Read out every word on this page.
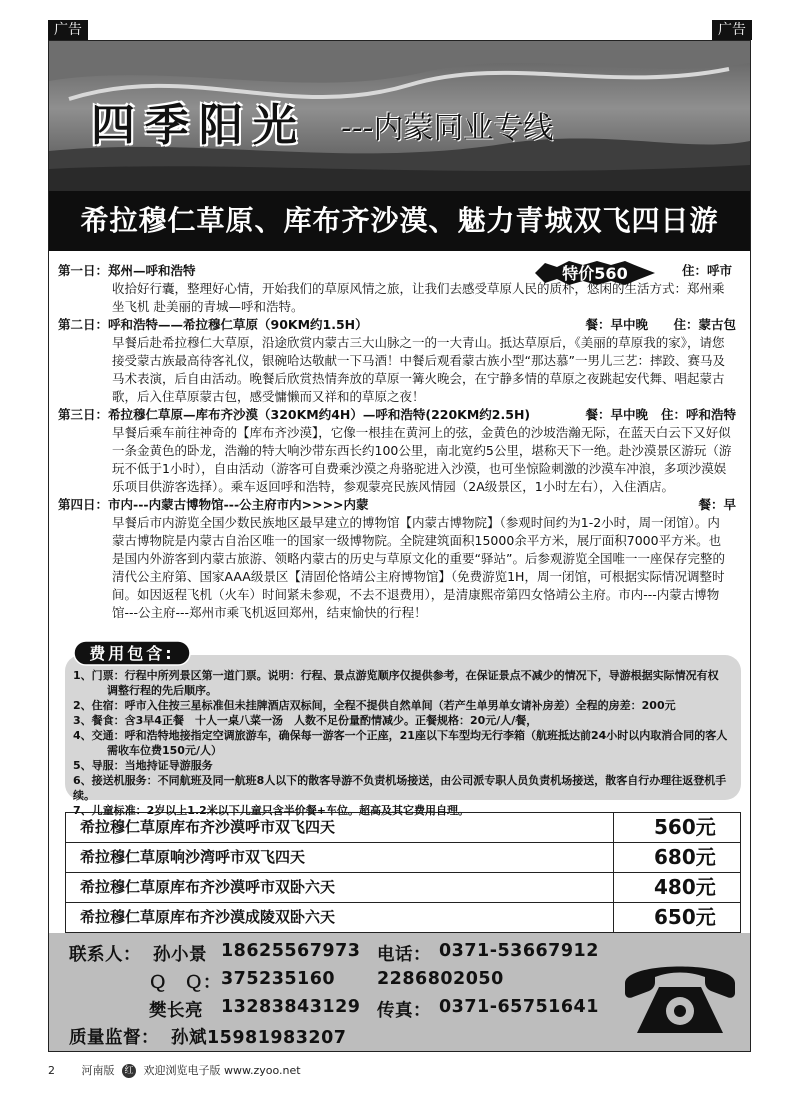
广告	广告
四季阳光 ---内蒙同业专线
希拉穆仁草原、库布齐沙漠、魅力青城双飞四日游
特价560
第一日：郑州—呼和浩特	住：呼市
收拾好行囊，整理好心情，开始我们的草原风情之旅，让我们去感受草原人民的质朴，悠闲的生活方式：郑州乘坐飞机 赴美丽的青城—呼和浩特。
第二日：呼和浩特——希拉穆仁草原（90KM约1.5H）	餐：早中晚 住：蒙古包
早餐后赴希拉穆仁大草原，沿途欣赏内蒙古三大山脉之一的一大青山。抵达草原后，《美丽的草原我的家》，请您接受蒙古族最高待客礼仪，银碗哈达敬献一下马酒！中餐后观看蒙古族小型“那达慕”一男儿三艺：摔跤、赛马及马术表演，后自由活动。晚餐后欣赏热情奔放的草原一篝火晚会，在宁静多情的草原之夜跳起安代舞、唱起蒙古歌，后入住草原蒙古包，感受慵懒而又祥和的草原之夜！
第三日：希拉穆仁草原—库布齐沙漠（320KM约4H）—呼和浩特(220KM约2.5H)	餐：早中晚 住：呼和浩特
早餐后乘车前往神奇的【库布齐沙漠】，它像一根挂在黄河上的弦，金黄色的沙坡浩瀚无际，在蓝天白云下又好似一条金黄色的卧龙，浩瀚的特大响沙带东西长约100公里，南北宽约5公里，堪称天下一绝。赴沙漠景区游玩（游玩不低于1小时），自由活动（游客可自费乘沙漠之舟骆驼进入沙漠，也可坐惊险刺激的沙漠车冲浪，多项沙漠娱乐项目供游客选择）。乘车返回呼和浩特，参观蒙亮民族风情园（2A级景区，1小时左右），入住酒店。
第四日：市内---内蒙古博物馆---公主府市内>>>>内蒙	餐：早
早餐后市内游览全国少数民族地区最早建立的博物馆【内蒙古博物院】（参观时间约为1-2小时，周一闭馆）。内蒙古博物院是内蒙古自治区唯一的国家一级博物院。全院建筑面积15000余平方米，展厅面积7000平方米。也是国内外游客到内蒙古旅游、领略内蒙古的历史与草原文化的重要“驿站”。后参观游览全国唯一一座保存完整的清代公主府第、国家AAA级景区【清固伦恪靖公主府博物馆】（免费游览1H，周一闭馆，可根据实际情况调整时间。如因返程飞机（火车）时间紧未参观，不去不退费用），是清康熙帝第四女恪靖公主府。市内---内蒙古博物馆---公主府---郑州市乘飞机返回郑州，结束愉快的行程！
1、门票：行程中所列景区第一道门票。说明：行程、景点游览顺序仅提供参考，在保证景点不减少的情况下，导游根据实际情况有权
调整行程的先后顺序。
2、住宿：呼市入住按三星标准但未挂牌酒店双标间，全程不提供自然单间（若产生单男单女请补房差）全程的房差：200元
3、餐食：含3早4正餐　十人一桌八菜一汤　人数不足份量酌情减少。正餐规格：20元/人/餐，
4、交通：呼和浩特地接指定空调旅游车，确保每一游客一个正座，21座以下车型均无行李箱（航班抵达前24小时以内取消合同的客人
需收车位费150元/人）
5、导服：当地持证导游服务
6、接送机服务：不同航班及同一航班8人以下的散客导游不负责机场接送，由公司派专职人员负责机场接送，散客自行办理往返登机手续。
7、儿童标准：2岁以上1.2米以下儿童只含半价餐+车位。超高及其它费用自理。
费用包含:
希拉穆仁草原库布齐沙漠呼市双飞四天	560元
希拉穆仁草原响沙湾呼市双飞四天	680元
希拉穆仁草原库布齐沙漠呼市双卧六天	480元
希拉穆仁草原库布齐沙漠成陵双卧六天	650元
联系人： 孙小景 18625567973 电话： 0371-53667912
Ｑ　Ｑ： 375235160 2286802050
樊长亮 13283843129 传真： 0371-65751641
质量监督： 孙斌15981983207
2 河南版 红 欢迎浏览电子版 www.zyoo.net
